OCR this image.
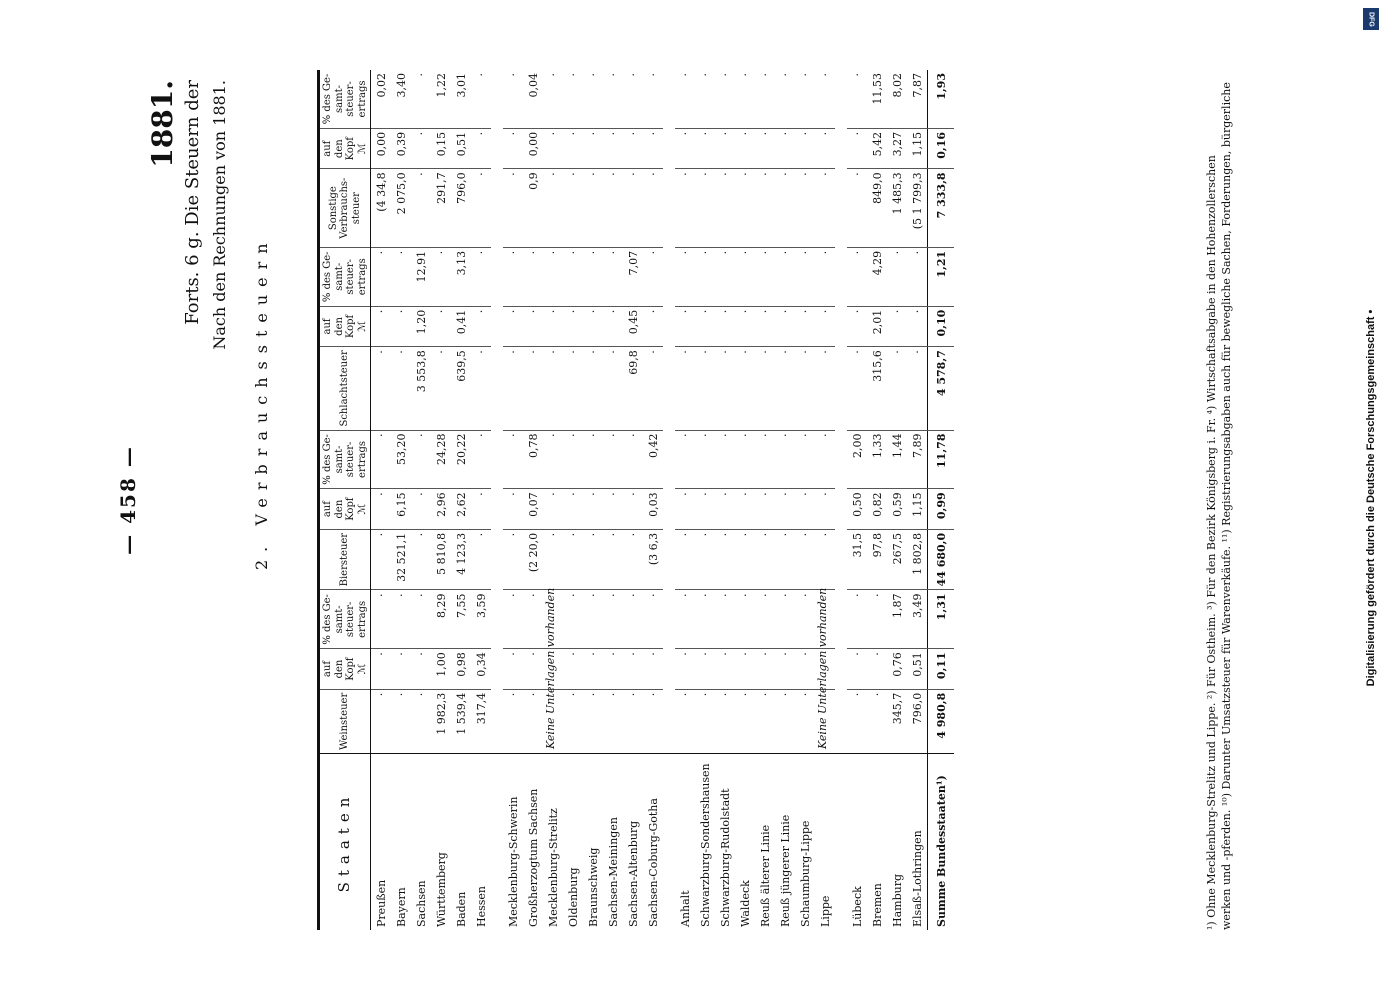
— 458 —
1881. Forts. 6 g. Die Steuern der Nach den Rechnungen von 1881.
2. Verbrauchssteuern
Staaten	Weinsteuer	auf den Kopf ℳ	% des Ge-samt-steuer-ertrags	Biersteuer	auf den Kopf ℳ	% des Ge-samt-steuer-ertrags	Schlachtsteuer	auf den Kopf ℳ	% des Ge-samt-steuer-ertrags	Sonstige Verbrauchs-steuer	auf den Kopf ℳ	% des Ge-samt-steuer-ertrags
Preußen	·	·	·	·	·	·	·	·	·	(4 34,8	0,00	0,02
Bayern	·	·	·	32 521,1	6,15	53,20	·	·	·	2 075,0	0,39	3,40
Sachsen	·	·	·	·	·	·	3 553,8	1,20	12,91	·	·	·
Württemberg	1 982,3	1,00	8,29	5 810,8	2,96	24,28	·	·	·	291,7	0,15	1,22
Baden	1 539,4	0,98	7,55	4 123,3	2,62	20,22	639,5	0,41	3,13	796,0	0,51	3,01
Hessen	317,4	0,34	3,59	·	·	·	·	·	·	·	·	·

Mecklenburg-Schwerin	·	·	·	·	·	·	·	·	·	·	·	·
Großherzogtum Sachsen	·	·	·	(2 20,0	0,07	0,78	·	·	·	0,9	0,00	0,04
Mecklenburg-Strelitz	Keine Unterlagen vorhanden			·	·	·	·	·	·	·	·	·
Oldenburg	·	·	·	·	·	·	·	·	·	·	·	·
Braunschweig	·	·	·	·	·	·	·	·	·	·	·	·
Sachsen-Meiningen	·	·	·	·	·	·	·	·	·	·	·	·
Sachsen-Altenburg	·	·	·	·	·	·	69,8	0,45	7,07	·	·	·
Sachsen-Coburg-Gotha	·	·	·	(3 6,3	0,03	0,42	·	·	·	·	·	·

Anhalt	·	·	·	·	·	·	·	·	·	·	·	·
Schwarzburg-Sondershausen	·	·	·	·	·	·	·	·	·	·	·	·
Schwarzburg-Rudolstadt	·	·	·	·	·	·	·	·	·	·	·	·
Waldeck	·	·	·	·	·	·	·	·	·	·	·	·
Reuß älterer Linie	·	·	·	·	·	·	·	·	·	·	·	·
Reuß jüngerer Linie	·	·	·	·	·	·	·	·	·	·	·	·
Schaumburg-Lippe	·	·	·	·	·	·	·	·	·	·	·	·
Lippe	Keine Unterlagen vorhanden			·	·	·	·	·	·	·	·	·

Lübeck	·	·	·	31,5	0,50	2,00	·	·	·	·	·	·
Bremen	·	·	·	97,8	0,82	1,33	315,6	2,01	4,29	849,0	5,42	11,53
Hamburg	345,7	0,76	1,87	267,5	0,59	1,44	·	·	·	1 485,3	3,27	8,02
Elsaß-Lothringen	796,0	0,51	3,49	1 802,8	1,15	7,89	·	·	·	(5 1 799,3	1,15	7,87
Summe Bundesstaaten¹)	4 980,8	0,11	1,31	44 680,0	0,99	11,78	4 578,7	0,10	1,21	7 333,8	0,16	1,93
¹) Ohne Mecklenburg-Strelitz und Lippe. ²) Für Ostheim. ³) Für den Bezirk Königsberg i. Fr. ⁴) Wirtschaftsabgabe in den Hohenzollerschen werken und -pferden. ¹⁰) Darunter Umsatzsteuer für Warenverkäufe. ¹¹) Registrierungsabgaben auch für bewegliche Sachen, Forderungen, bürgerliche
DFG
Digitalisierung gefördert durch die Deutsche Forschungsgemeinschaft •
